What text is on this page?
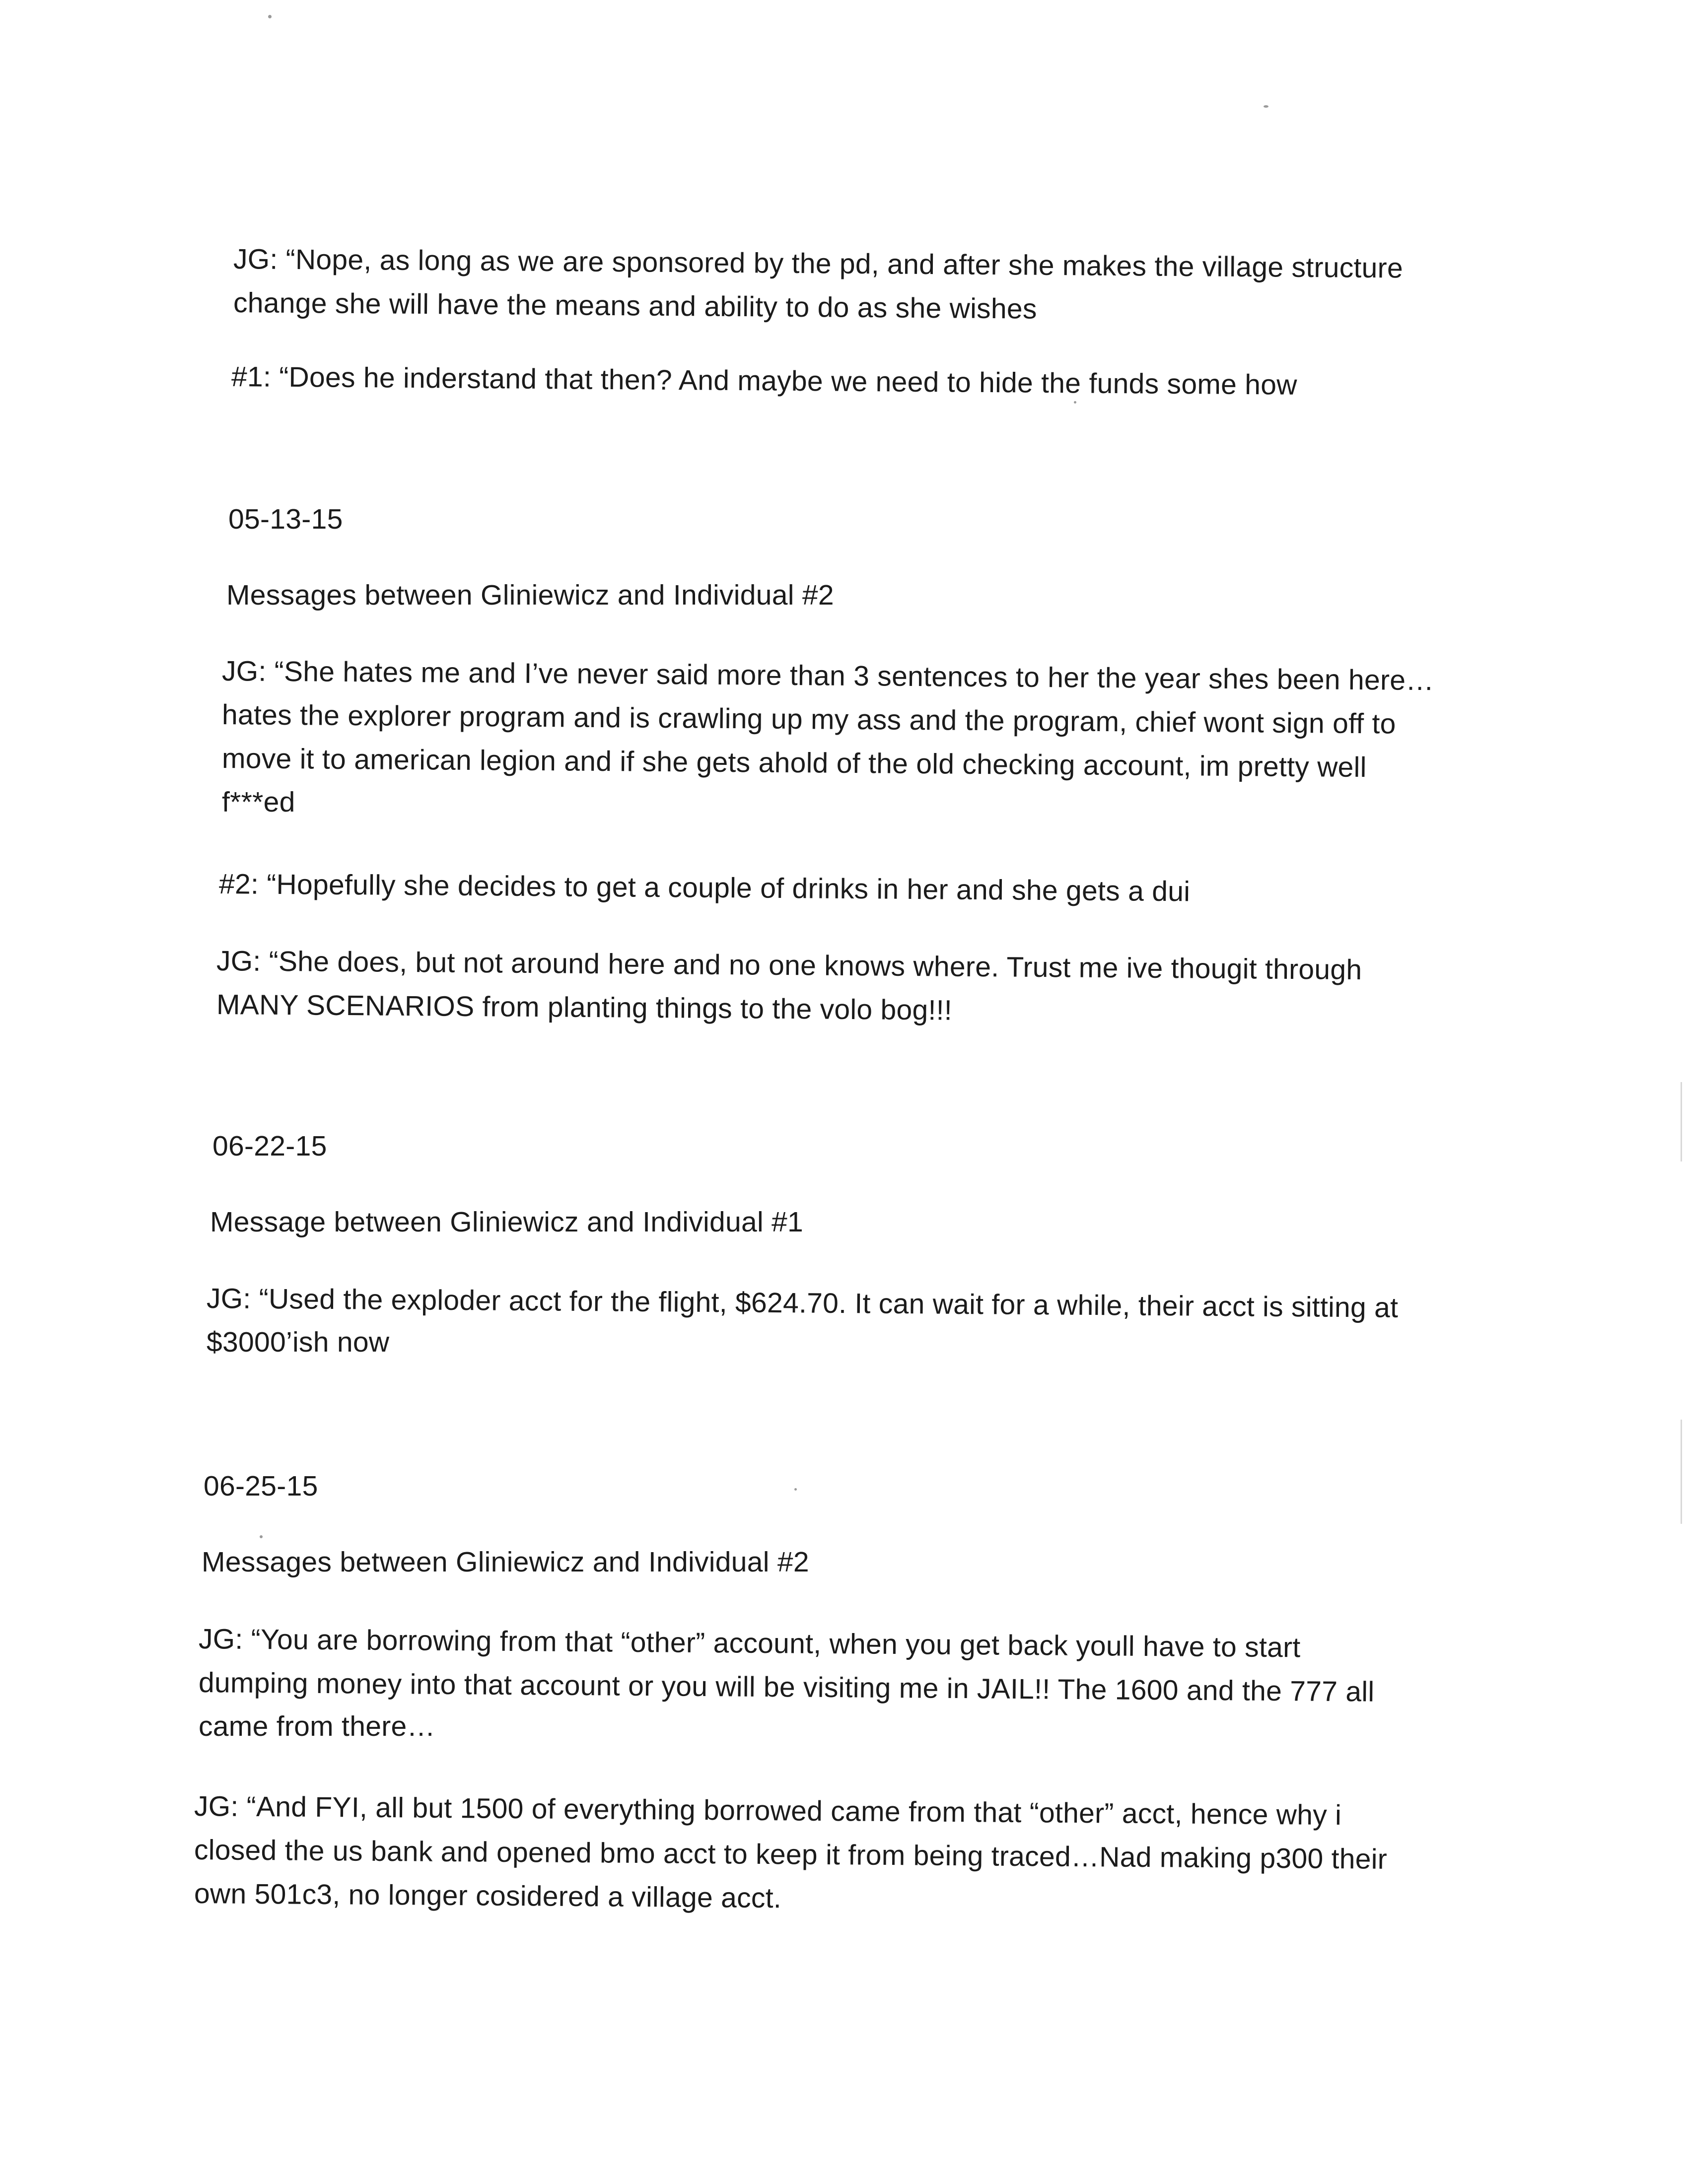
JG: “Nope, as long as we are sponsored by the pd, and after she makes the village structure
change she will have the means and ability to do as she wishes
#1: “Does he inderstand that then? And maybe we need to hide the funds some how
05-13-15
Messages between Gliniewicz and Individual #2
JG: “She hates me and I’ve never said more than 3 sentences to her the year shes been here…
hates the explorer program and is crawling up my ass and the program, chief wont sign off to
move it to american legion and if she gets ahold of the old checking account, im pretty well
f***ed
#2: “Hopefully she decides to get a couple of drinks in her and she gets a dui
JG: “She does, but not around here and no one knows where. Trust me ive thougit through
MANY SCENARIOS from planting things to the volo bog!!!
06-22-15
Message between Gliniewicz and Individual #1
JG: “Used the exploder acct for the flight, $624.70. It can wait for a while, their acct is sitting at
$3000’ish now
06-25-15
Messages between Gliniewicz and Individual #2
JG: “You are borrowing from that “other” account, when you get back youll have to start
dumping money into that account or you will be visiting me in JAIL!! The 1600 and the 777 all
came from there…
JG: “And FYI, all but 1500 of everything borrowed came from that “other” acct, hence why i
closed the us bank and opened bmo acct to keep it from being traced…Nad making p300 their
own 501c3, no longer cosidered a village acct.
